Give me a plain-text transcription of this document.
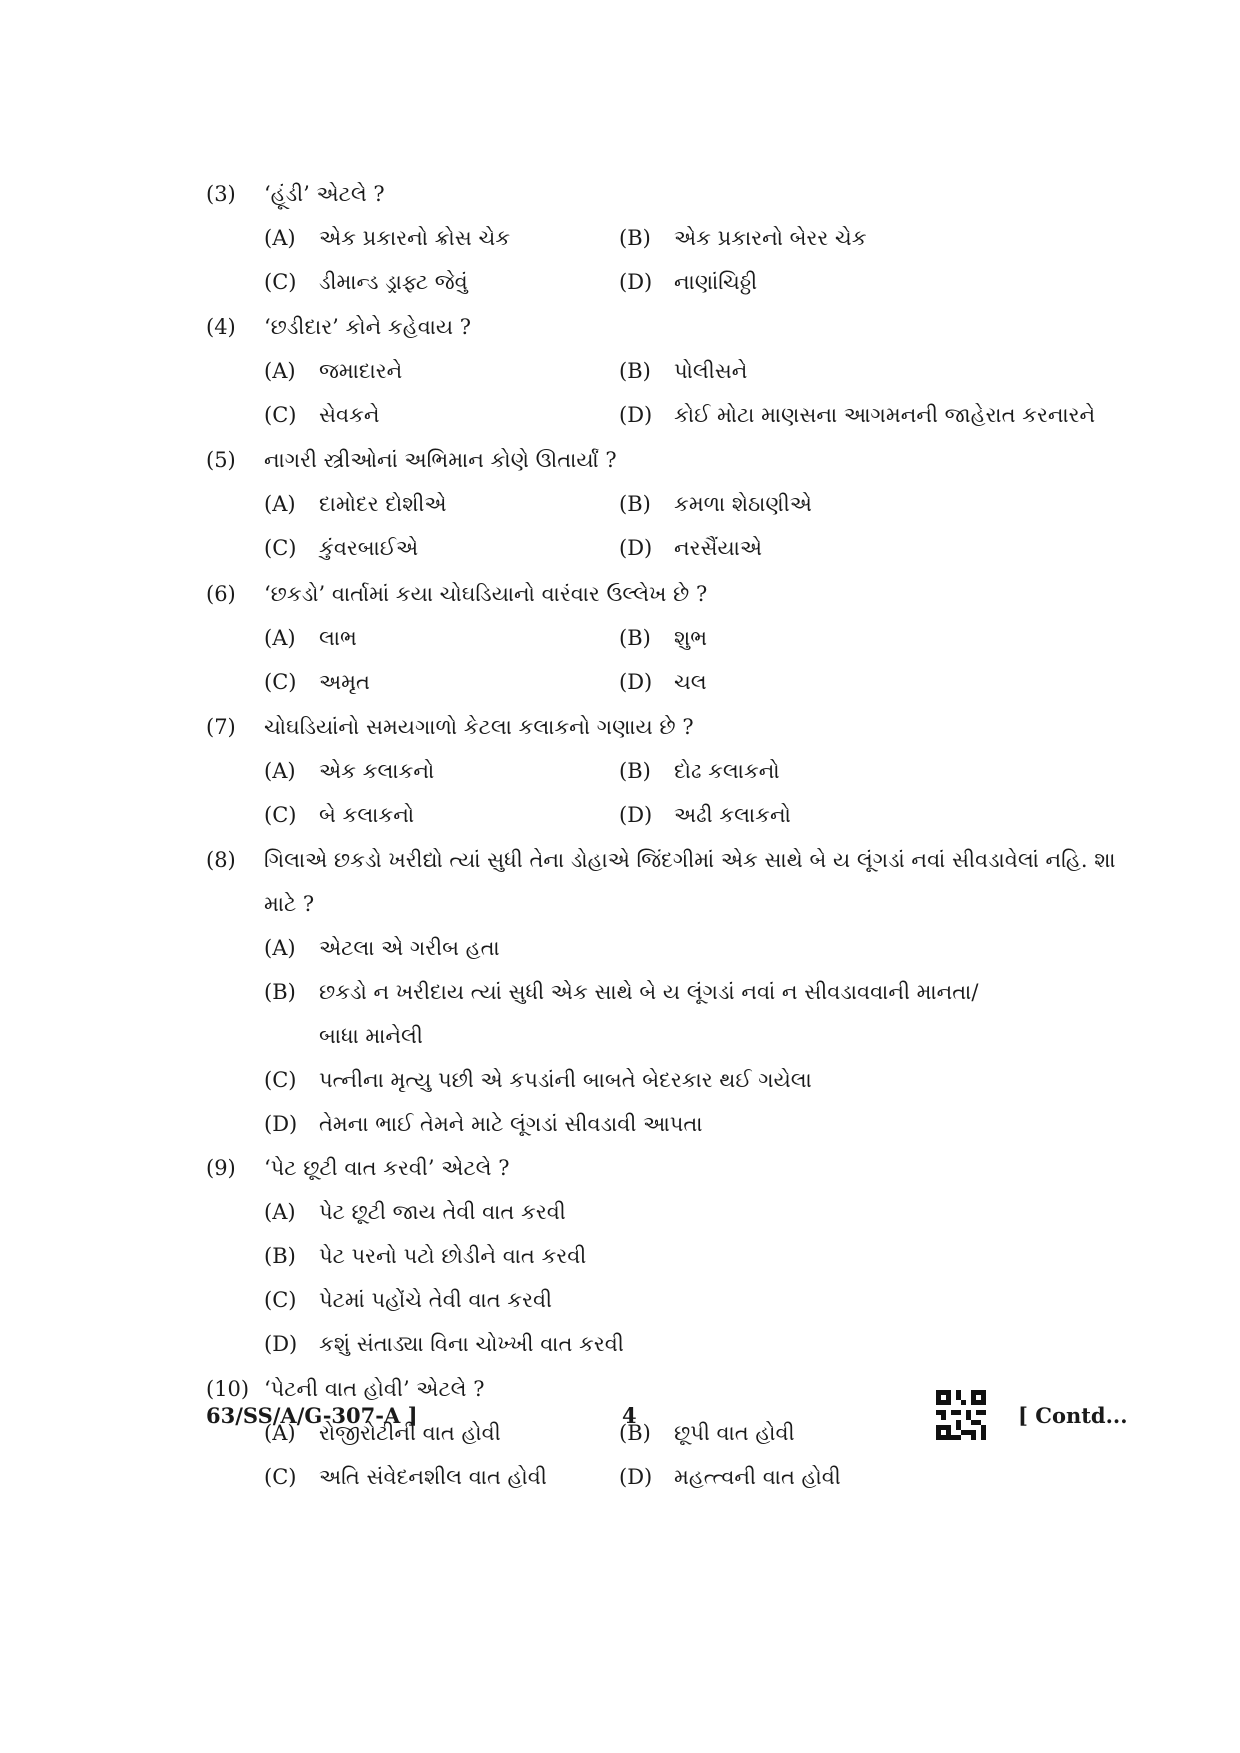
(3) ‘હૂંડી’ એટલે ?
(A) એક પ્રકારનો ક્રોસ ચેક	(B) એક પ્રકારનો બેરર ચેક
(C) ડીમાન્ડ ડ્રાફ્ટ જેવું	(D) નાણાંચિઠ્ઠી
(4) ‘છડીદાર’ કોને કહેવાય ?
(A) જમાદારને	(B) પોલીસને
(C) સેવકને	(D) કોઈ મોટા માણસના આગમનની જાહેરાત કરનારને
(5) નાગરી સ્ત્રીઓનાં અભિમાન કોણે ઊતાર્યાં ?
(A) દામોદર દોશીએ	(B) કમળા શેઠાણીએ
(C) કુંવરબાઈએ	(D) નરસૈંયાએ
(6) ‘છકડો’ વાર્તામાં કયા ચોઘડિયાનો વારંવાર ઉલ્લેખ છે ?
(A) લાભ	(B) શુભ
(C) અમૃત	(D) ચલ
(7) ચોઘડિયાંનો સમયગાળો કેટલા કલાકનો ગણાય છે ?
(A) એક કલાકનો	(B) દોઢ કલાકનો
(C) બે કલાકનો	(D) અઢી કલાકનો
(8)	ગિલાએ છકડો ખરીદ્યો ત્યાં સુધી તેના ડોહાએ જિંદગીમાં એક સાથે બે ય લૂંગડાં નવાં સીવડાવેલાં નહિ. શા માટે ?
(A) એટલા એ ગરીબ હતા
(B) છકડો ન ખરીદાય ત્યાં સુધી એક સાથે બે ય લૂંગડાં નવાં ન સીવડાવવાની માનતા/બાધા માનેલી
(C) પત્નીના મૃત્યુ પછી એ કપડાંની બાબતે બેદરકાર થઈ ગયેલા
(D) તેમના ભાઈ તેમને માટે લૂંગડાં સીવડાવી આપતા
(9) ‘પેટ છૂટી વાત કરવી’ એટલે ?
(A) પેટ છૂટી જાય તેવી વાત કરવી
(B) પેટ પરનો પટો છોડીને વાત કરવી
(C) પેટમાં પહોંચે તેવી વાત કરવી
(D) કશું સંતાડ્યા વિના ચોખ્ખી વાત કરવી
(10) ‘પેટની વાત હોવી’ એટલે ?
(A) રોજીરોટીની વાત હોવી	(B) છૂપી વાત હોવી
(C) અતિ સંવેદનશીલ વાત હોવી	(D) મહત્ત્વની વાત હોવી
63/SS/A/G-307-A ]	4	[ Contd...
